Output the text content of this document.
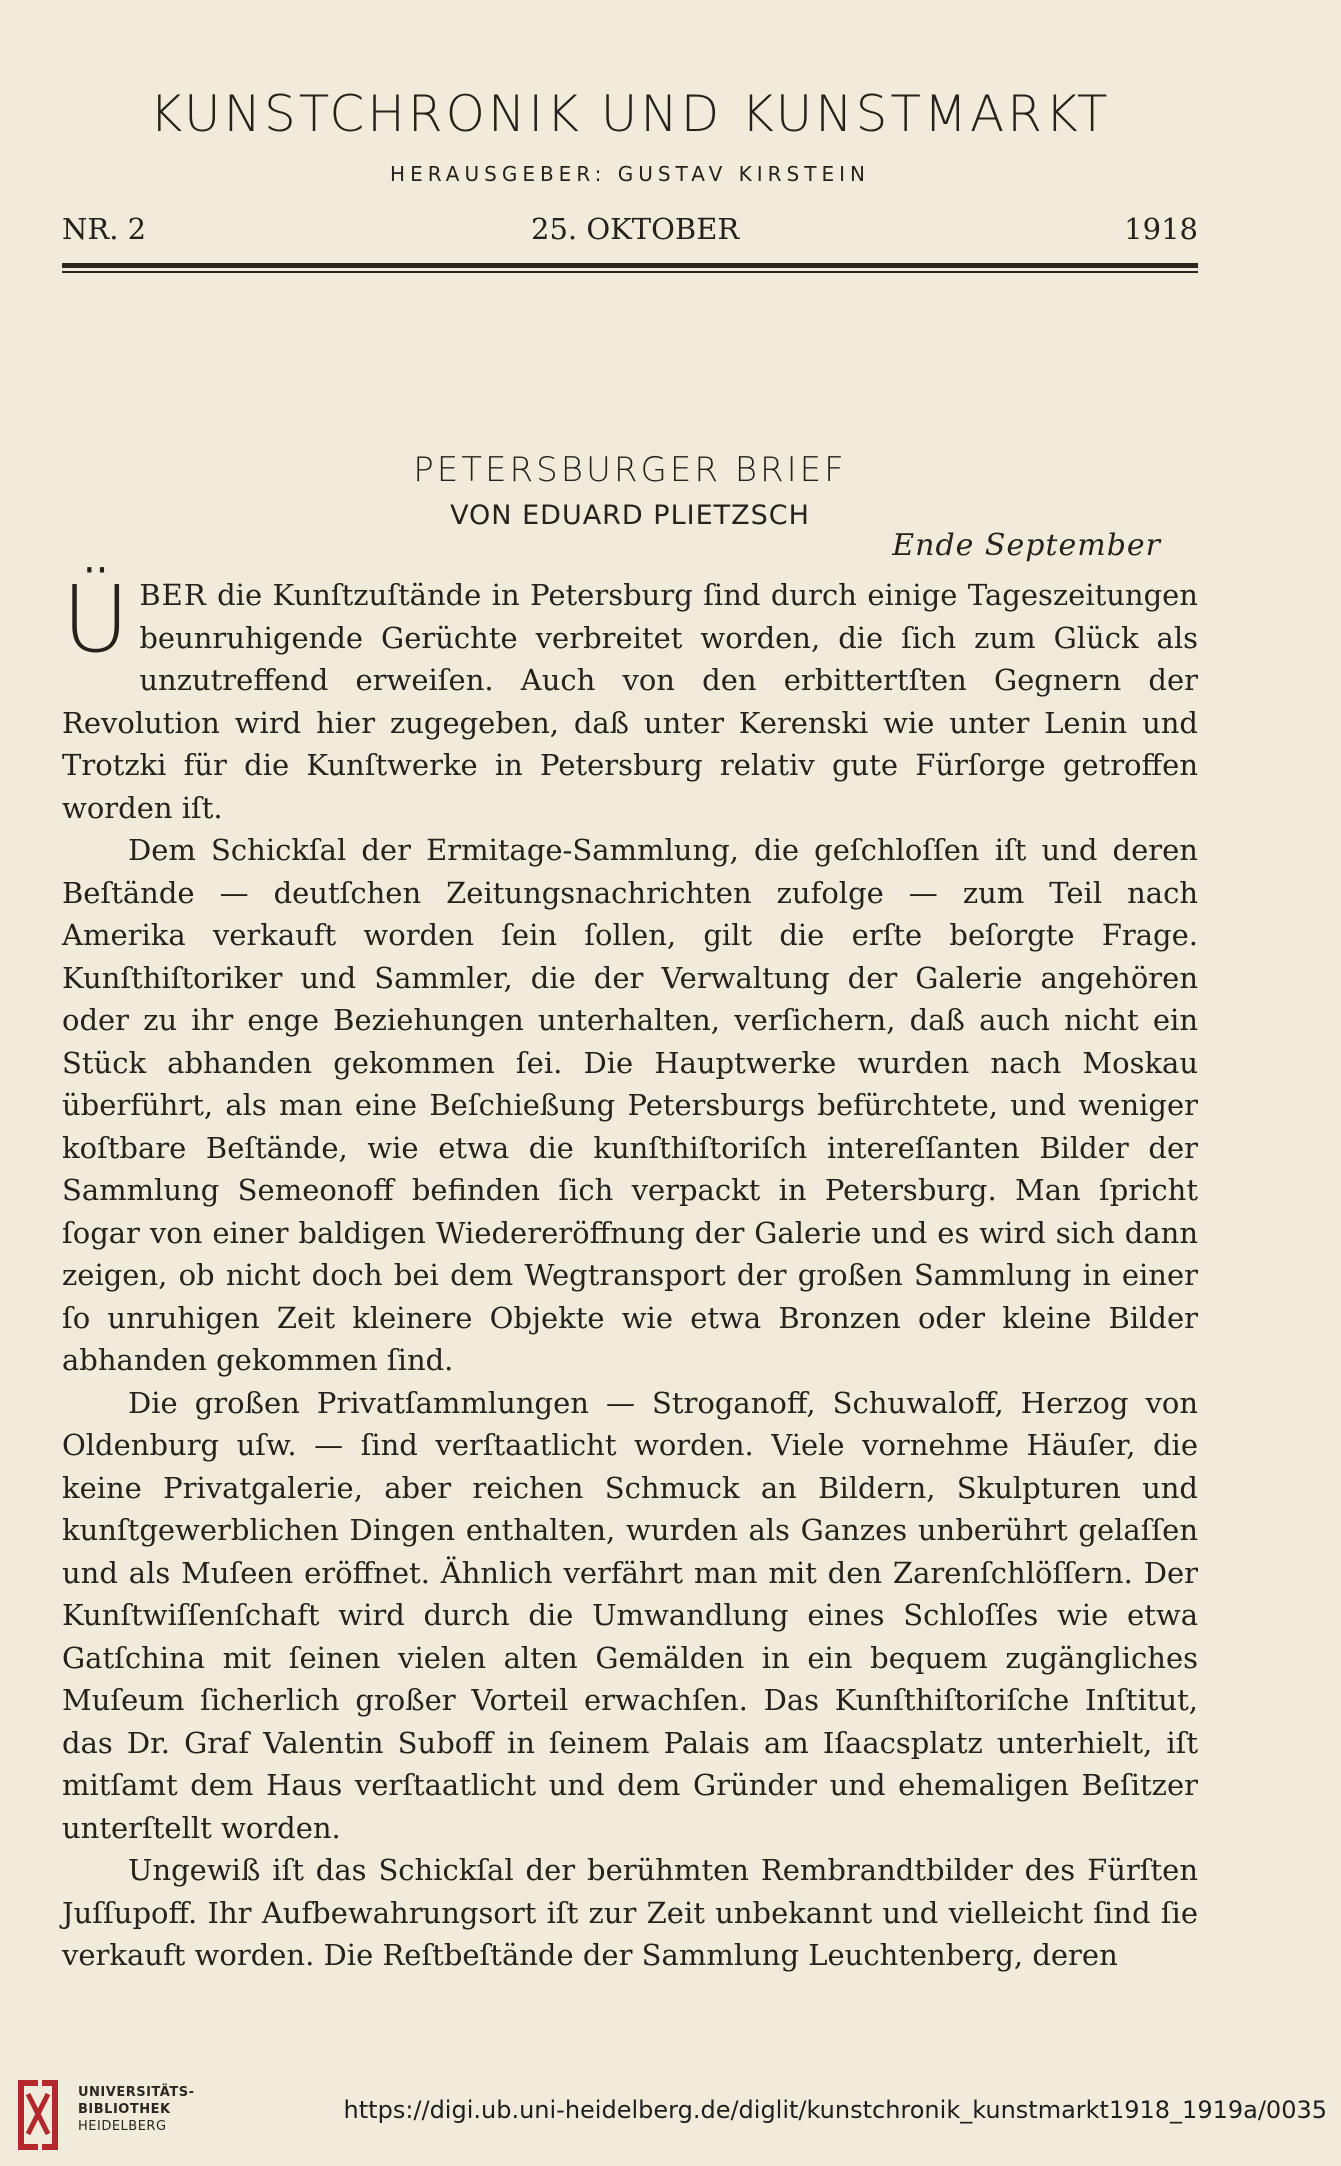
KUNSTCHRONIK UND KUNSTMARKT
HERAUSGEBER: GUSTAV KIRSTEIN
NR. 2	25. OKTOBER	1918
PETERSBURGER BRIEF
VON EDUARD PLIETZSCH
Ende September

ÜBER die Kunſtzuſtände in Petersburg ſind durch einige Tageszeitungen beunruhigende Gerüchte verbreitet worden, die ſich zum Glück als unzutreffend erweiſen. Auch von den erbittertſten Gegnern der Revolution wird hier zugegeben, daß unter Kerenski wie unter Lenin und Trotzki für die Kunſtwerke in Petersburg relativ gute Fürſorge getroffen worden iſt.

Dem Schickſal der Ermitage-Sammlung, die geſchloſſen iſt und deren Beſtände — deutſchen Zeitungsnachrichten zufolge — zum Teil nach Amerika verkauft worden ſein ſollen, gilt die erſte beſorgte Frage. Kunſthiſtoriker und Sammler, die der Verwaltung der Galerie angehören oder zu ihr enge Beziehungen unterhalten, verſichern, daß auch nicht ein Stück abhanden gekommen ſei. Die Hauptwerke wurden nach Moskau überführt, als man eine Beſchießung Petersburgs befürchtete, und weniger koſtbare Beſtände, wie etwa die kunſthiſtoriſch intereſſanten Bilder der Sammlung Semeonoff befinden ſich verpackt in Petersburg. Man ſpricht ſogar von einer baldigen Wiedereröffnung der Galerie und es wird sich dann zeigen, ob nicht doch bei dem Wegtransport der großen Sammlung in einer ſo unruhigen Zeit kleinere Objekte wie etwa Bronzen oder kleine Bilder abhanden gekommen ſind.

Die großen Privatſammlungen — Stroganoff, Schuwaloff, Herzog von Oldenburg uſw. — ſind verſtaatlicht worden. Viele vornehme Häuſer, die keine Privatgalerie, aber reichen Schmuck an Bildern, Skulpturen und kunſtgewerblichen Dingen enthalten, wurden als Ganzes unberührt gelaſſen und als Muſeen eröffnet. Ähnlich verfährt man mit den Zarenſchlöſſern. Der Kunſtwiſſenſchaft wird durch die Umwandlung eines Schloſſes wie etwa Gatſchina mit ſeinen vielen alten Gemälden in ein bequem zugängliches Muſeum ſicherlich großer Vorteil erwachſen. Das Kunſthiſtoriſche Inſtitut, das Dr. Graf Valentin Suboff in ſeinem Palais am Iſaacsplatz unterhielt, iſt mitſamt dem Haus verſtaatlicht und dem Gründer und ehemaligen Beſitzer unterſtellt worden.

Ungewiß iſt das Schickſal der berühmten Rembrandtbilder des Fürſten Juſſupoff. Ihr Aufbewahrungsort iſt zur Zeit unbekannt und vielleicht ſind ſie verkauft worden. Die Reſtbeſtände der Sammlung Leuchtenberg, deren

UNIVERSITÄTS-
BIBLIOTHEK
HEIDELBERG
https://digi.ub.uni-heidelberg.de/diglit/kunstchronik_kunstmarkt1918_1919a/0035
